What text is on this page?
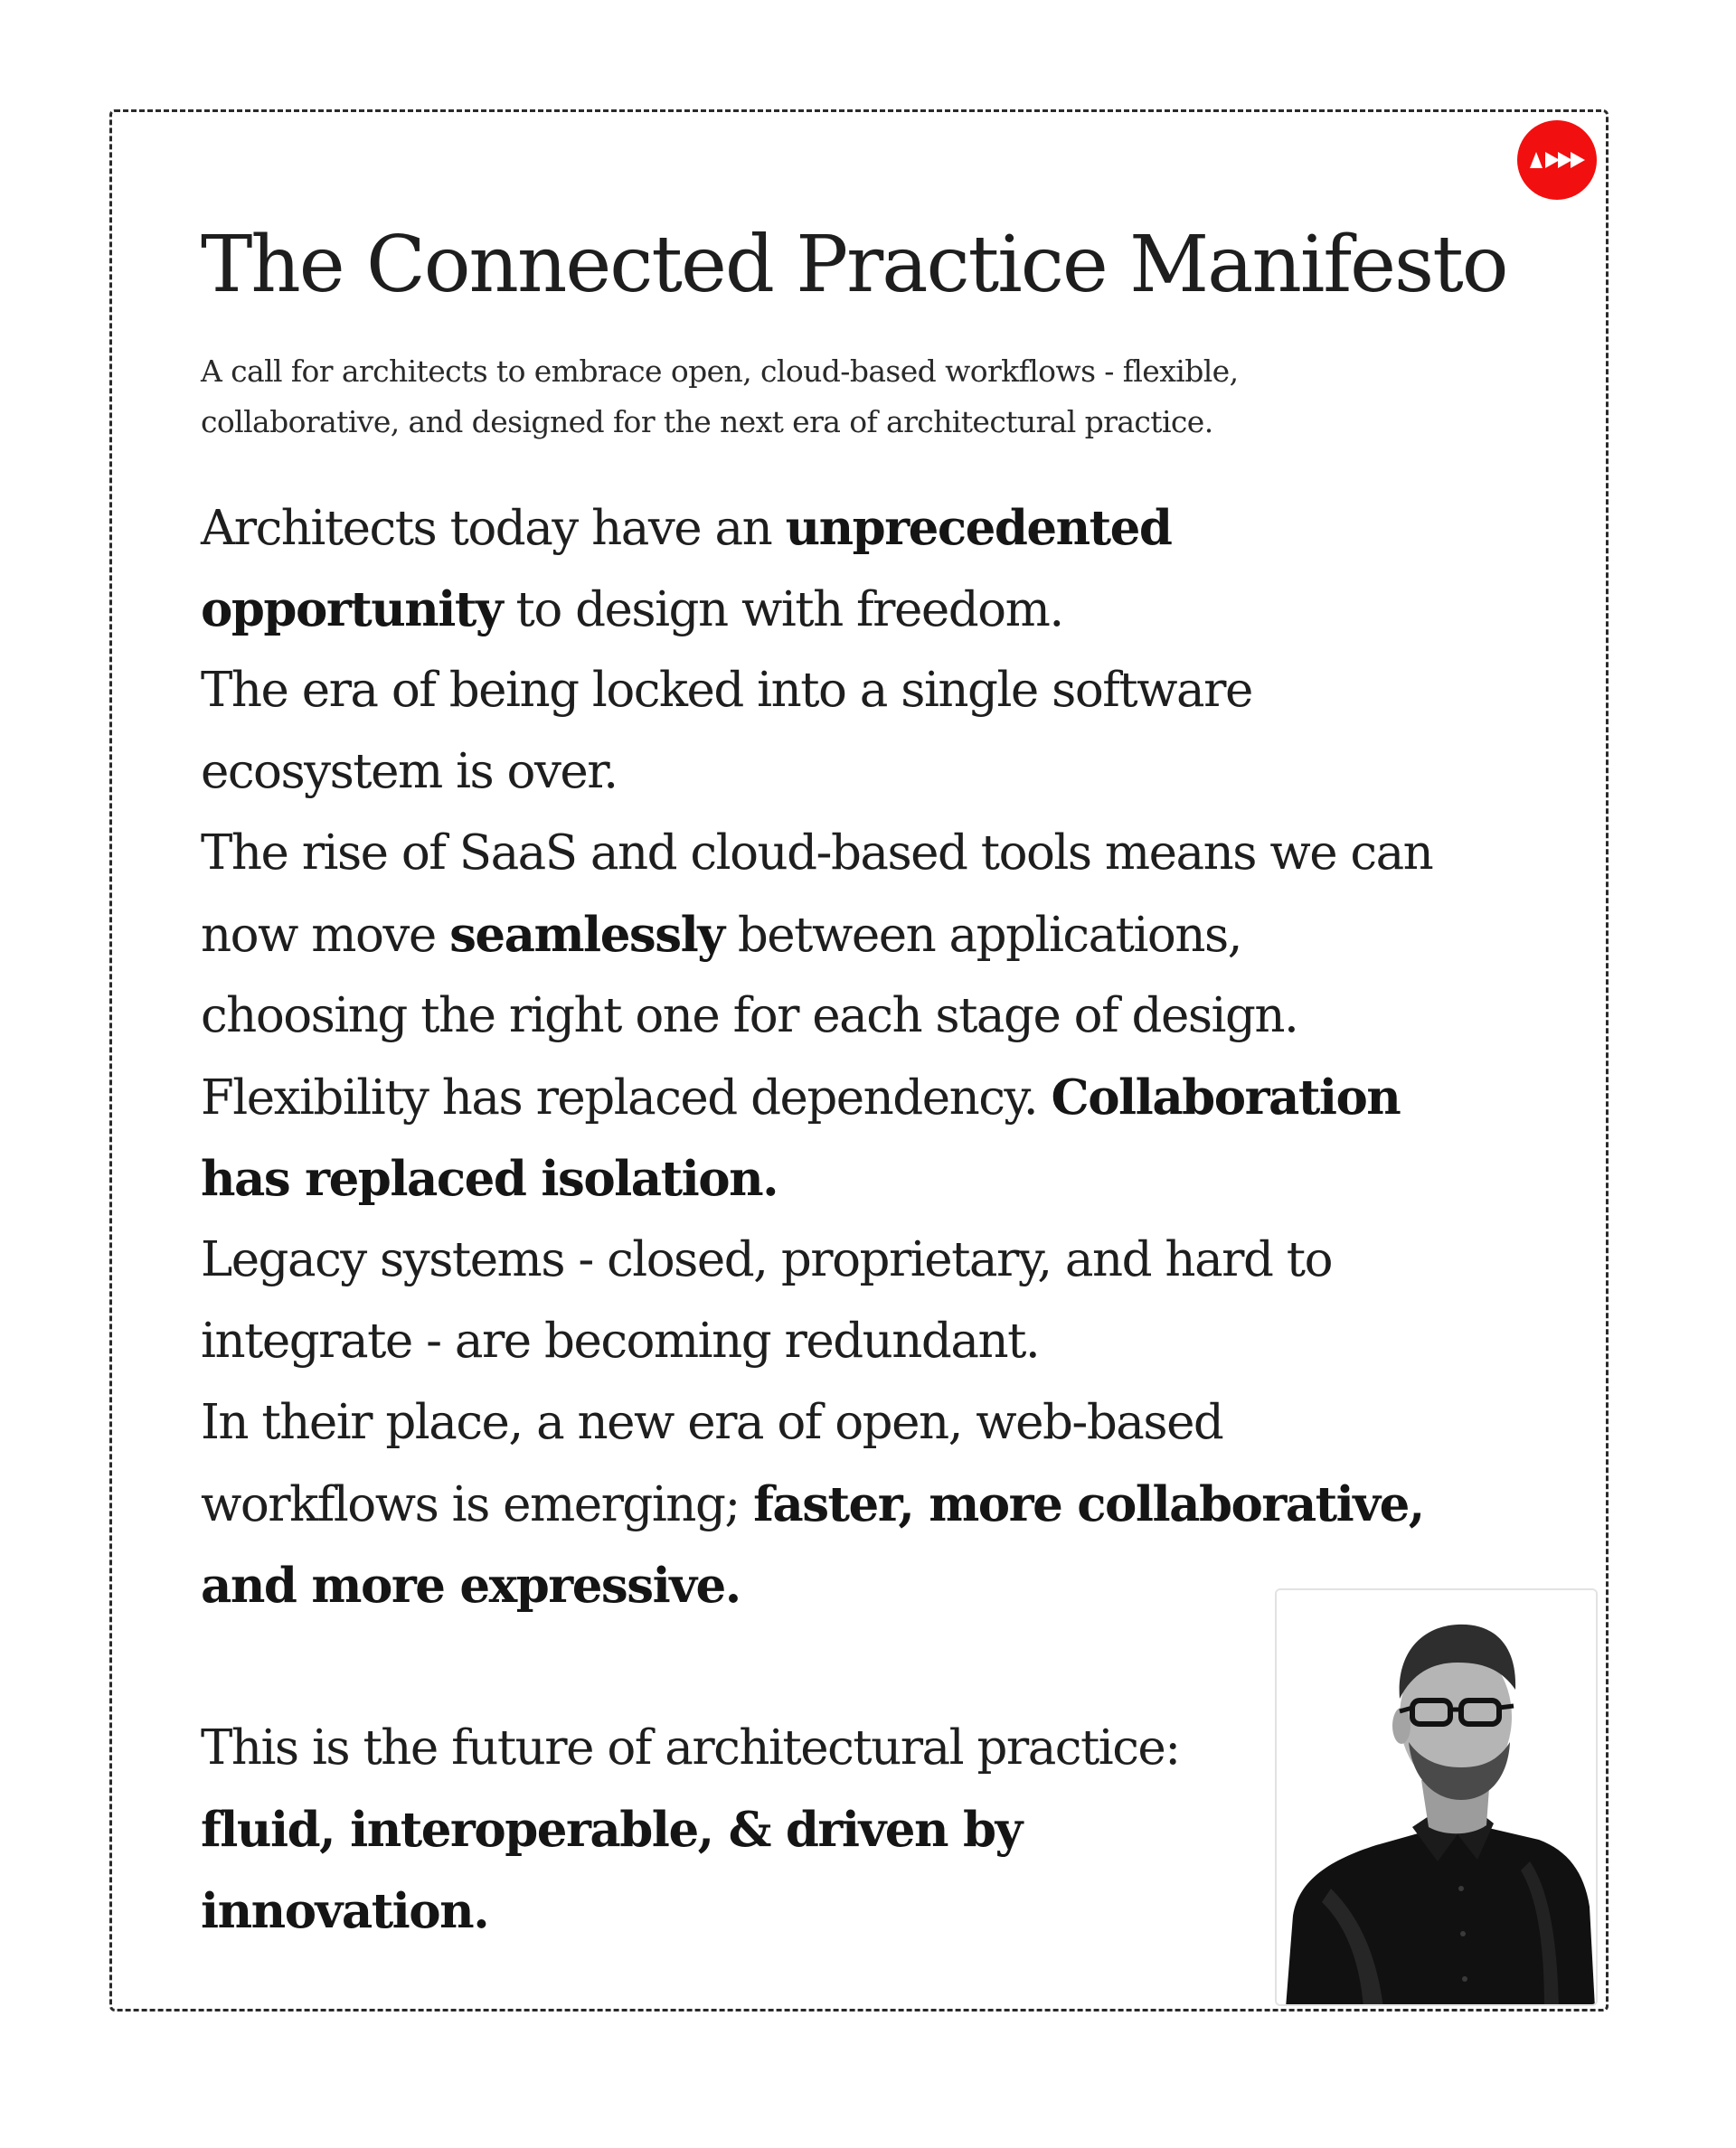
The Connected Practice Manifesto

A call for architects to embrace open, cloud-based workflows - flexible,
collaborative, and designed for the next era of architectural practice.

Architects today have an unprecedented
opportunity to design with freedom.
The era of being locked into a single software
ecosystem is over.
The rise of SaaS and cloud-based tools means we can
now move seamlessly between applications,
choosing the right one for each stage of design.
Flexibility has replaced dependency. Collaboration
has replaced isolation.
Legacy systems - closed, proprietary, and hard to
integrate - are becoming redundant.
In their place, a new era of open, web-based
workflows is emerging; faster, more collaborative,
and more expressive.
This is the future of architectural practice:
fluid, interoperable, & driven by
innovation.
